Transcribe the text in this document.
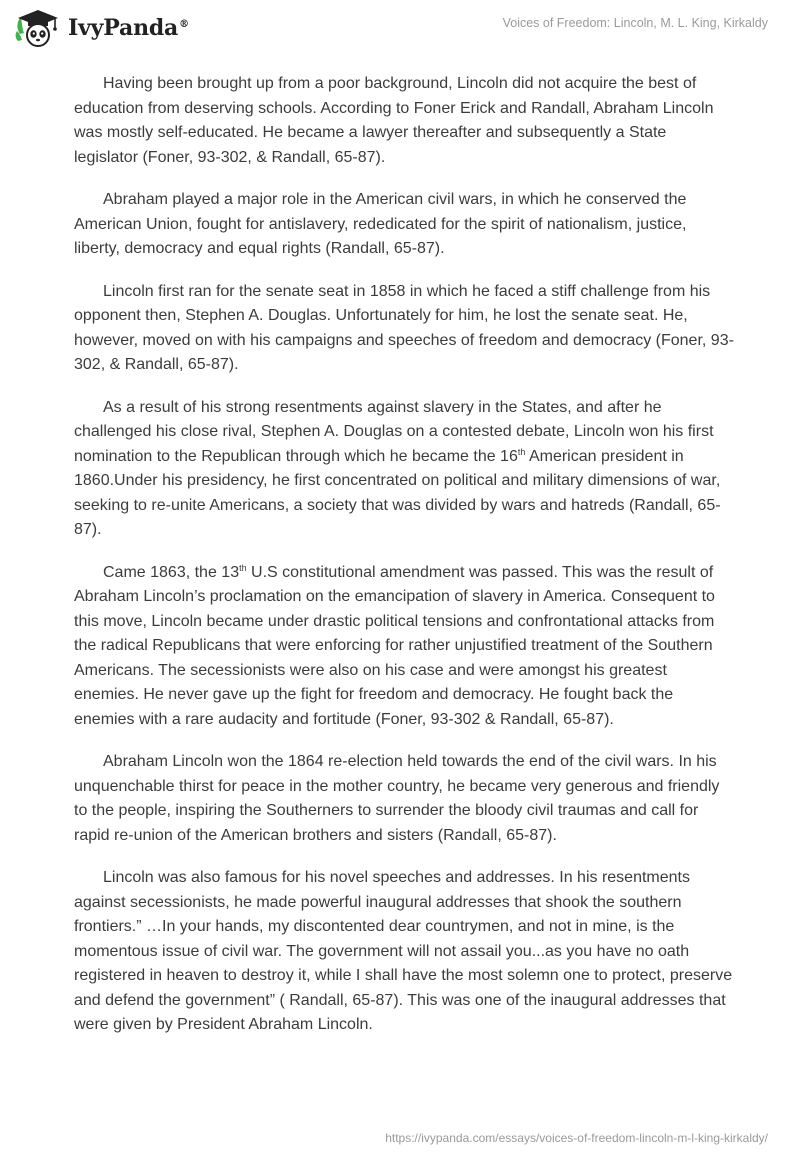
IvyPanda®	Voices of Freedom: Lincoln, M. L. King, Kirkaldy

Having been brought up from a poor background, Lincoln did not acquire the best of education from deserving schools. According to Foner Erick and Randall, Abraham Lincoln was mostly self-educated. He became a lawyer thereafter and subsequently a State legislator (Foner, 93-302, & Randall, 65-87).

Abraham played a major role in the American civil wars, in which he conserved the American Union, fought for antislavery, rededicated for the spirit of nationalism, justice, liberty, democracy and equal rights (Randall, 65-87).

Lincoln first ran for the senate seat in 1858 in which he faced a stiff challenge from his opponent then, Stephen A. Douglas. Unfortunately for him, he lost the senate seat. He, however, moved on with his campaigns and speeches of freedom and democracy (Foner, 93-302, & Randall, 65-87).

As a result of his strong resentments against slavery in the States, and after he challenged his close rival, Stephen A. Douglas on a contested debate, Lincoln won his first nomination to the Republican through which he became the 16th American president in 1860.Under his presidency, he first concentrated on political and military dimensions of war, seeking to re-unite Americans, a society that was divided by wars and hatreds (Randall, 65-87).

Came 1863, the 13th U.S constitutional amendment was passed. This was the result of Abraham Lincoln’s proclamation on the emancipation of slavery in America. Consequent to this move, Lincoln became under drastic political tensions and confrontational attacks from the radical Republicans that were enforcing for rather unjustified treatment of the Southern Americans. The secessionists were also on his case and were amongst his greatest enemies. He never gave up the fight for freedom and democracy. He fought back the enemies with a rare audacity and fortitude (Foner, 93-302 & Randall, 65-87).

Abraham Lincoln won the 1864 re-election held towards the end of the civil wars. In his unquenchable thirst for peace in the mother country, he became very generous and friendly to the people, inspiring the Southerners to surrender the bloody civil traumas and call for rapid re-union of the American brothers and sisters (Randall, 65-87).

Lincoln was also famous for his novel speeches and addresses. In his resentments against secessionists, he made powerful inaugural addresses that shook the southern frontiers.” …In your hands, my discontented dear countrymen, and not in mine, is the momentous issue of civil war. The government will not assail you...as you have no oath registered in heaven to destroy it, while I shall have the most solemn one to protect, preserve and defend the government” ( Randall, 65-87). This was one of the inaugural addresses that were given by President Abraham Lincoln.

https://ivypanda.com/essays/voices-of-freedom-lincoln-m-l-king-kirkaldy/
